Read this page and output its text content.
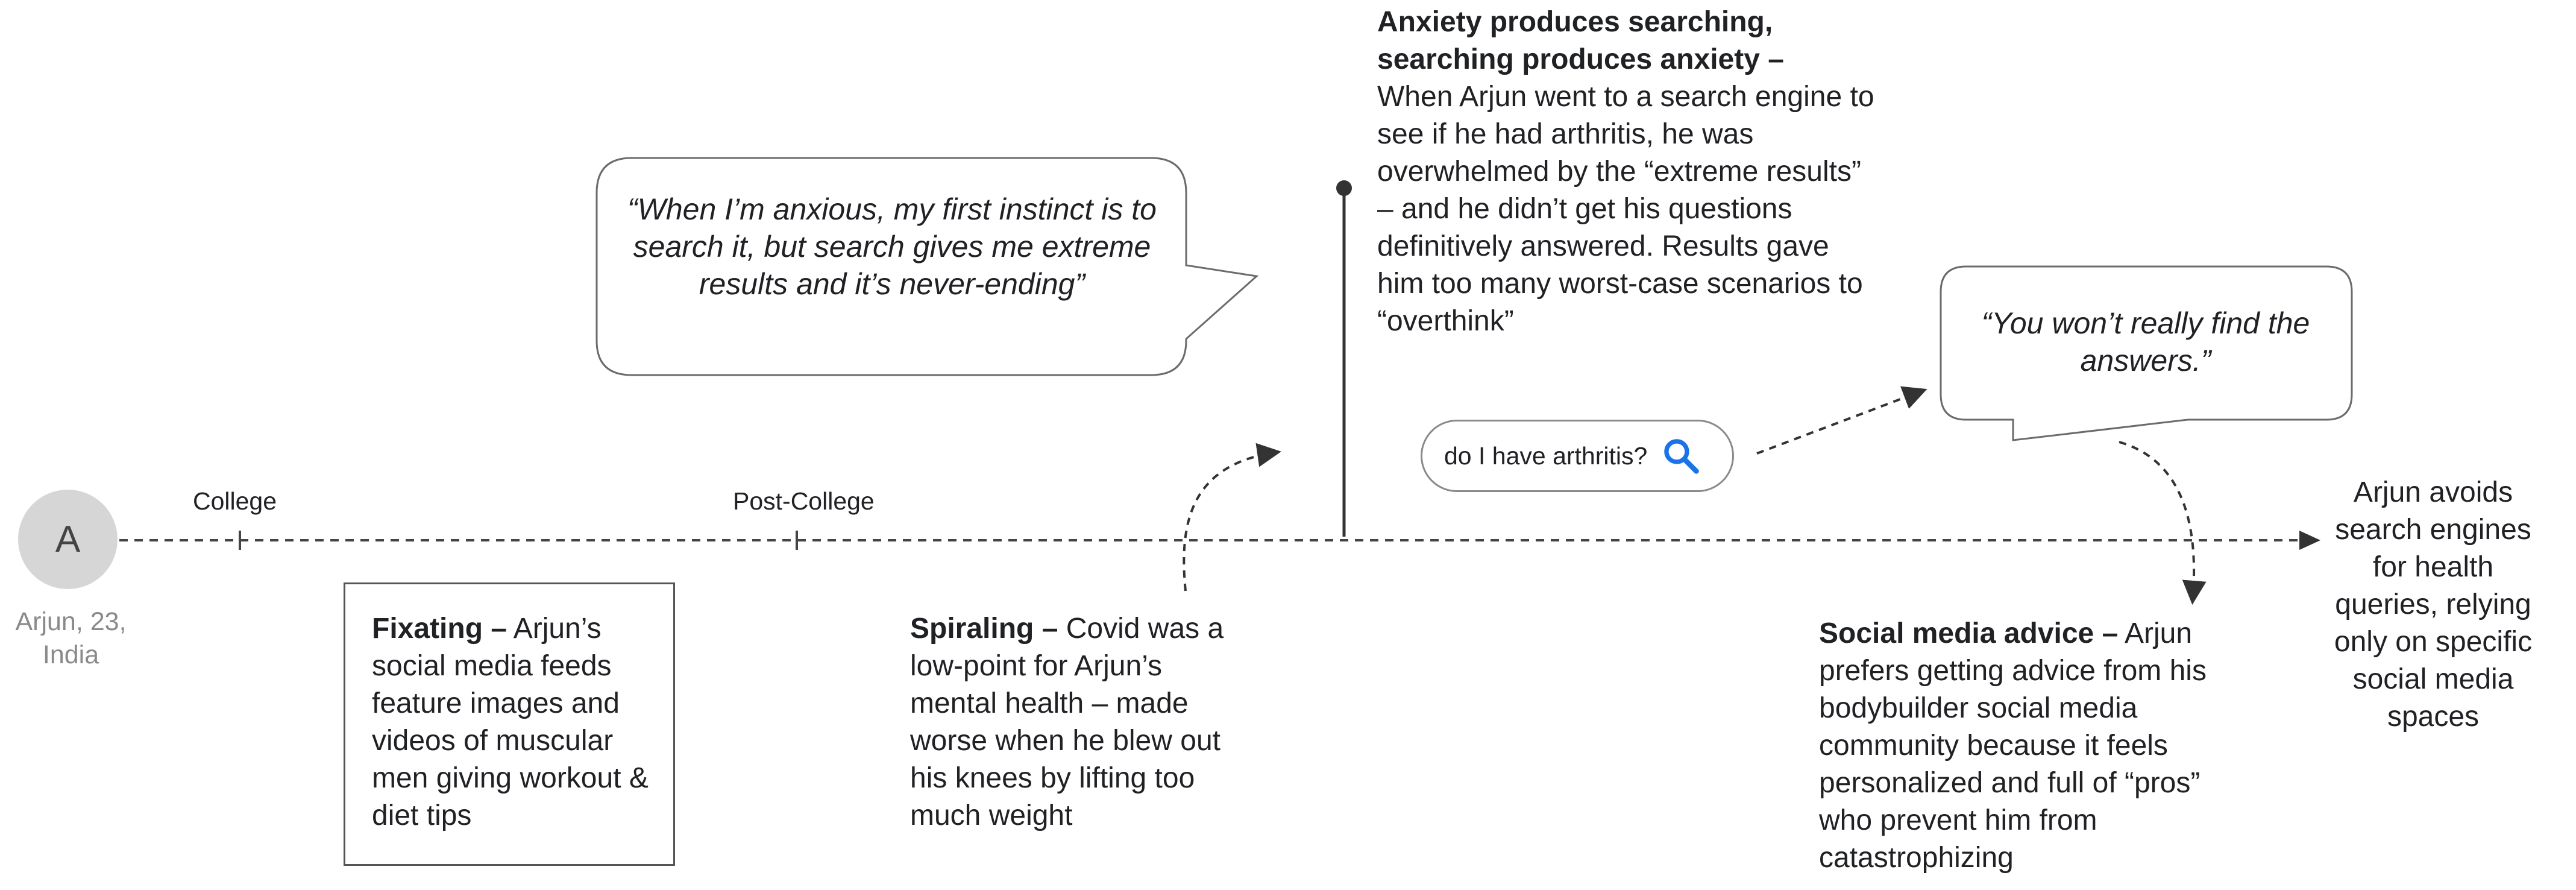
A
Arjun, 23,
India
College	Post-College
“When I’m anxious, my first instinct is to search it, but search gives me extreme results and it’s never-ending”
“You won’t really find the answers.”
Fixating – Arjun’s social media feeds feature images and videos of muscular men giving workout & diet tips
Spiraling – Covid was a low-point for Arjun’s mental health – made worse when he blew out his knees by lifting too much weight
Anxiety produces searching, searching produces anxiety –
When Arjun went to a search engine to see if he had arthritis, he was overwhelmed by the “extreme results” – and he didn’t get his questions definitively answered. Results gave him too many worst-case scenarios to “overthink”
do I have arthritis?
Social media advice – Arjun prefers getting advice from his bodybuilder social media community because it feels personalized and full of “pros” who prevent him from catastrophizing
Arjun avoids search engines for health queries, relying only on specific social media spaces
